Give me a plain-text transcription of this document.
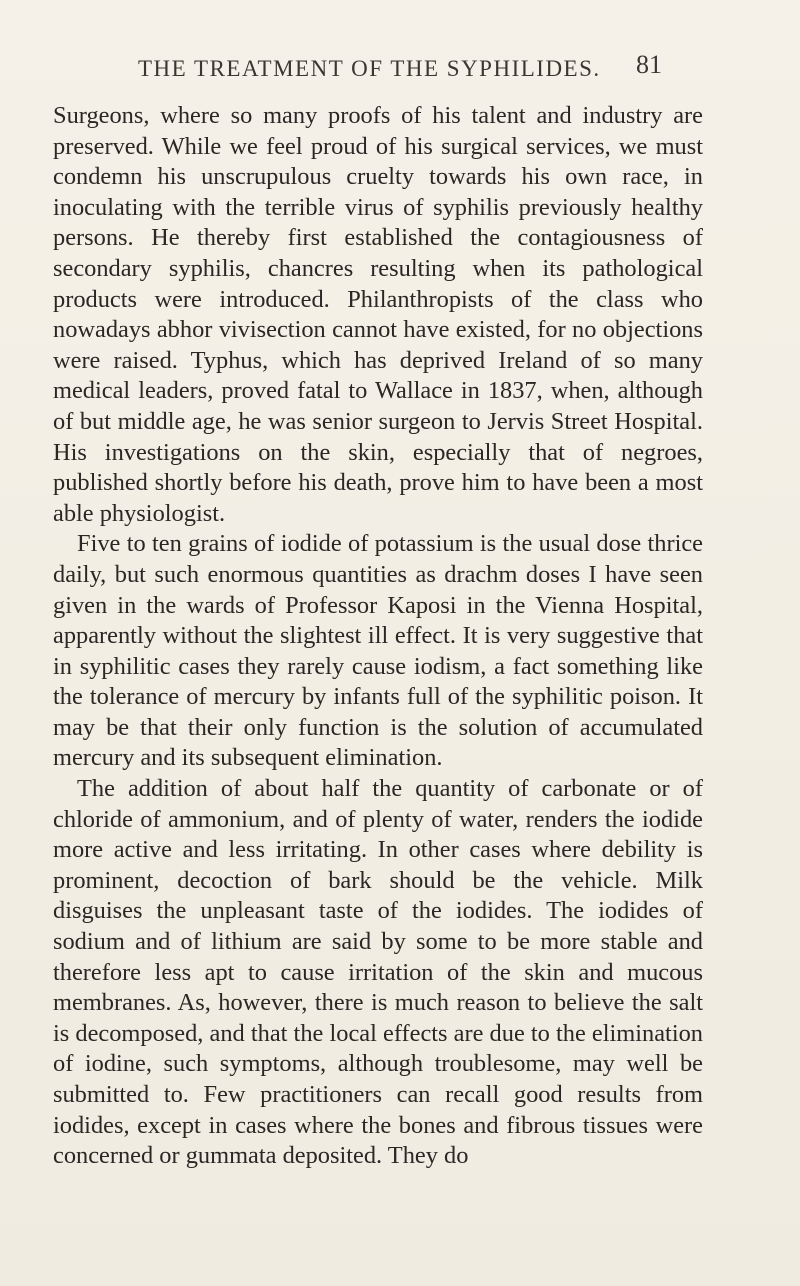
THE TREATMENT OF THE SYPHILIDES.	81

Surgeons, where so many proofs of his talent and industry are preserved. While we feel proud of his surgical services, we must condemn his unscrupulous cruelty towards his own race, in inoculating with the terrible virus of syphilis previously healthy persons. He thereby first established the contagiousness of secondary syphilis, chancres resulting when its pathological products were introduced. Philanthropists of the class who nowadays abhor vivisection cannot have existed, for no objections were raised. Typhus, which has deprived Ireland of so many medical leaders, proved fatal to Wallace in 1837, when, although of but middle age, he was senior surgeon to Jervis Street Hospital. His investigations on the skin, especially that of negroes, published shortly before his death, prove him to have been a most able physiologist.

Five to ten grains of iodide of potassium is the usual dose thrice daily, but such enormous quantities as drachm doses I have seen given in the wards of Professor Kaposi in the Vienna Hospital, apparently without the slightest ill effect. It is very suggestive that in syphilitic cases they rarely cause iodism, a fact something like the tolerance of mercury by infants full of the syphilitic poison. It may be that their only function is the solution of accumulated mercury and its subsequent elimination.

The addition of about half the quantity of carbonate or of chloride of ammonium, and of plenty of water, renders the iodide more active and less irritating. In other cases where debility is prominent, decoction of bark should be the vehicle. Milk disguises the unpleasant taste of the iodides. The iodides of sodium and of lithium are said by some to be more stable and therefore less apt to cause irritation of the skin and mucous membranes. As, however, there is much reason to believe the salt is decomposed, and that the local effects are due to the elimination of iodine, such symptoms, although troublesome, may well be submitted to. Few practitioners can recall good results from iodides, except in cases where the bones and fibrous tissues were concerned or gummata deposited. They do
